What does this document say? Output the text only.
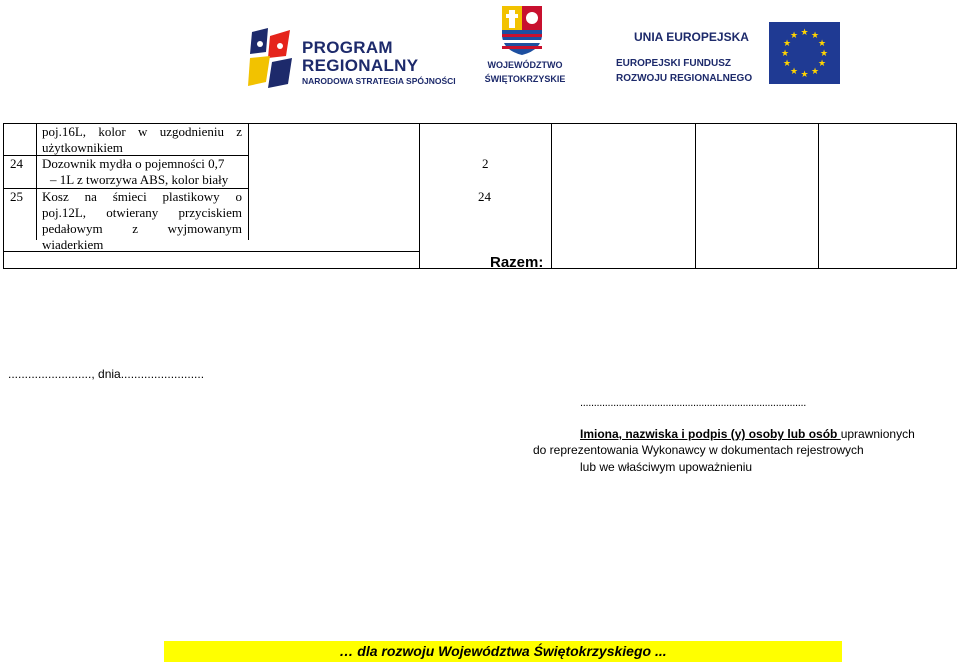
PROGRAM
REGIONALNY
NARODOWA STRATEGIA SPÓJNOŚCI
WOJEWÓDZTWO
ŚWIĘTOKRZYSKIE
UNIA EUROPEJSKA
EUROPEJSKI FUNDUSZ
ROZWOJU REGIONALNEGO
★ ★
★
★
★
★
★
★
★
★
★
★
poj.16L, kolor w uzgodnieniu z
użytkownikiem
24 Dozownik mydła o pojemności 0,7
– 1L z tworzywa ABS, kolor biały
2
25 Kosz na śmieci plastikowy o
poj.12L, otwierany przyciskiem
pedałowym z wyjmowanym
wiaderkiem
24
Razem:
........................., dnia.........................
..................................................................................
Imiona, nazwiska i podpis (y) osoby lub osób uprawnionych
do reprezentowania Wykonawcy w dokumentach rejestrowych
lub we właściwym upoważnieniu
… dla rozwoju Województwa Świętokrzyskiego ...
